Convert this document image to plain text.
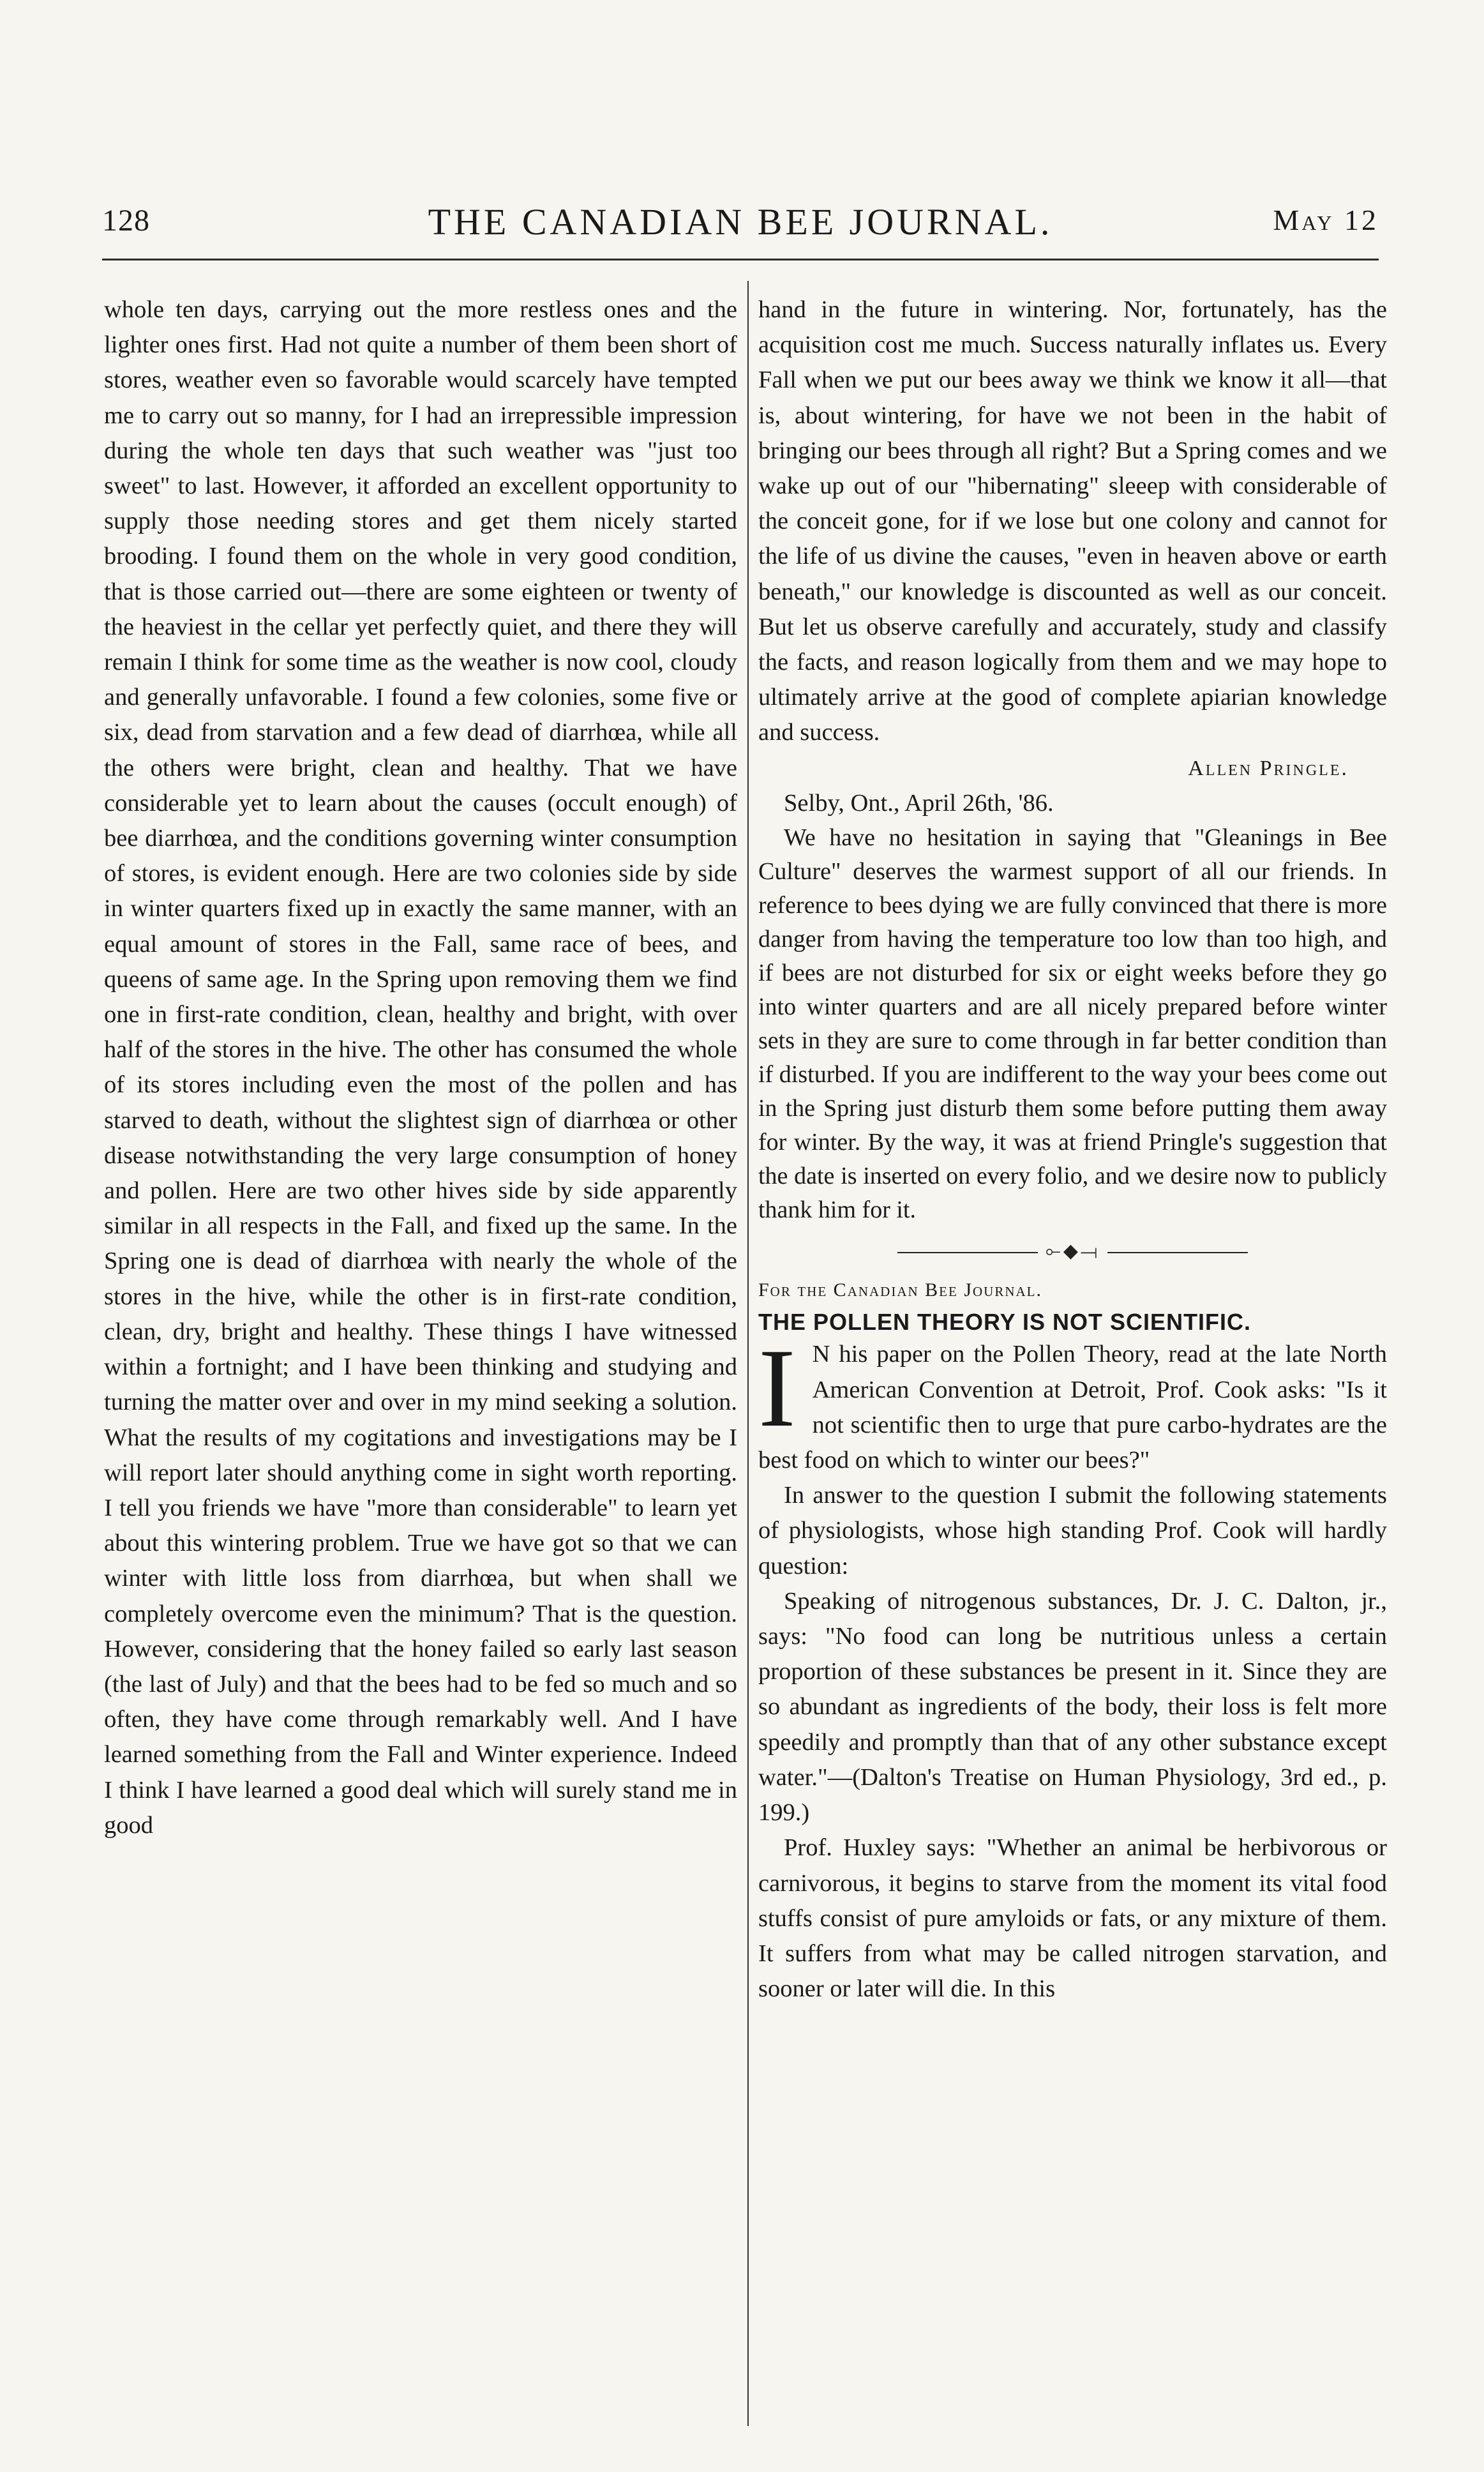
128	THE CANADIAN BEE JOURNAL.	May 12

whole ten days, carrying out the more restless ones and the lighter ones first. Had not quite a number of them been short of stores, weather even so favorable would scarcely have tempted me to carry out so manny, for I had an irrepressible impression during the whole ten days that such weather was "just too sweet" to last. However, it afforded an excellent opportunity to supply those needing stores and get them nicely started brooding. I found them on the whole in very good condition, that is those carried out—there are some eighteen or twenty of the heaviest in the cellar yet perfectly quiet, and there they will remain I think for some time as the weather is now cool, cloudy and generally unfavorable. I found a few colonies, some five or six, dead from starvation and a few dead of diarrhœa, while all the others were bright, clean and healthy. That we have considerable yet to learn about the causes (occult enough) of bee diarrhœa, and the conditions governing winter consumption of stores, is evident enough. Here are two colonies side by side in winter quarters fixed up in exactly the same manner, with an equal amount of stores in the Fall, same race of bees, and queens of same age. In the Spring upon removing them we find one in first-rate condition, clean, healthy and bright, with over half of the stores in the hive. The other has consumed the whole of its stores including even the most of the pollen and has starved to death, without the slightest sign of diarrhœa or other disease notwithstanding the very large consumption of honey and pollen. Here are two other hives side by side apparently similar in all respects in the Fall, and fixed up the same. In the Spring one is dead of diarrhœa with nearly the whole of the stores in the hive, while the other is in first-rate condition, clean, dry, bright and healthy. These things I have witnessed within a fortnight; and I have been thinking and studying and turning the matter over and over in my mind seeking a solution. What the results of my cogitations and investigations may be I will report later should anything come in sight worth reporting. I tell you friends we have "more than considerable" to learn yet about this wintering problem. True we have got so that we can winter with little loss from diarrhœa, but when shall we completely overcome even the minimum? That is the question. However, considering that the honey failed so early last season (the last of July) and that the bees had to be fed so much and so often, they have come through remarkably well. And I have learned something from the Fall and Winter experience. Indeed I think I have learned a good deal which will surely stand me in good

hand in the future in wintering. Nor, fortunately, has the acquisition cost me much. Success naturally inflates us. Every Fall when we put our bees away we think we know it all—that is, about wintering, for have we not been in the habit of bringing our bees through all right? But a Spring comes and we wake up out of our "hibernating" sleeep with considerable of the conceit gone, for if we lose but one colony and cannot for the life of us divine the causes, "even in heaven above or earth beneath," our knowledge is discounted as well as our conceit. But let us observe carefully and accurately, study and classify the facts, and reason logically from them and we may hope to ultimately arrive at the good of complete apiarian knowledge and success.

Allen Pringle.

Selby, Ont., April 26th, '86.

We have no hesitation in saying that "Gleanings in Bee Culture" deserves the warmest support of all our friends. In reference to bees dying we are fully convinced that there is more danger from having the temperature too low than too high, and if bees are not disturbed for six or eight weeks before they go into winter quarters and are all nicely prepared before winter sets in they are sure to come through in far better condition than if disturbed. If you are indifferent to the way your bees come out in the Spring just disturb them some before putting them away for winter. By the way, it was at friend Pringle's suggestion that the date is inserted on every folio, and we desire now to publicly thank him for it.

⟜◆⟞

For the Canadian Bee Journal.

THE POLLEN THEORY IS NOT SCIENTIFIC.

I N his paper on the Pollen Theory, read at the late North American Convention at Detroit, Prof. Cook asks: "Is it not scientific then to urge that pure carbo-hydrates are the best food on which to winter our bees?"

In answer to the question I submit the following statements of physiologists, whose high standing Prof. Cook will hardly question:

Speaking of nitrogenous substances, Dr. J. C. Dalton, jr., says: "No food can long be nutritious unless a certain proportion of these substances be present in it. Since they are so abundant as ingredients of the body, their loss is felt more speedily and promptly than that of any other substance except water."—(Dalton's Treatise on Human Physiology, 3rd ed., p. 199.)

Prof. Huxley says: "Whether an animal be herbivorous or carnivorous, it begins to starve from the moment its vital food stuffs consist of pure amyloids or fats, or any mixture of them. It suffers from what may be called nitrogen starvation, and sooner or later will die. In this
